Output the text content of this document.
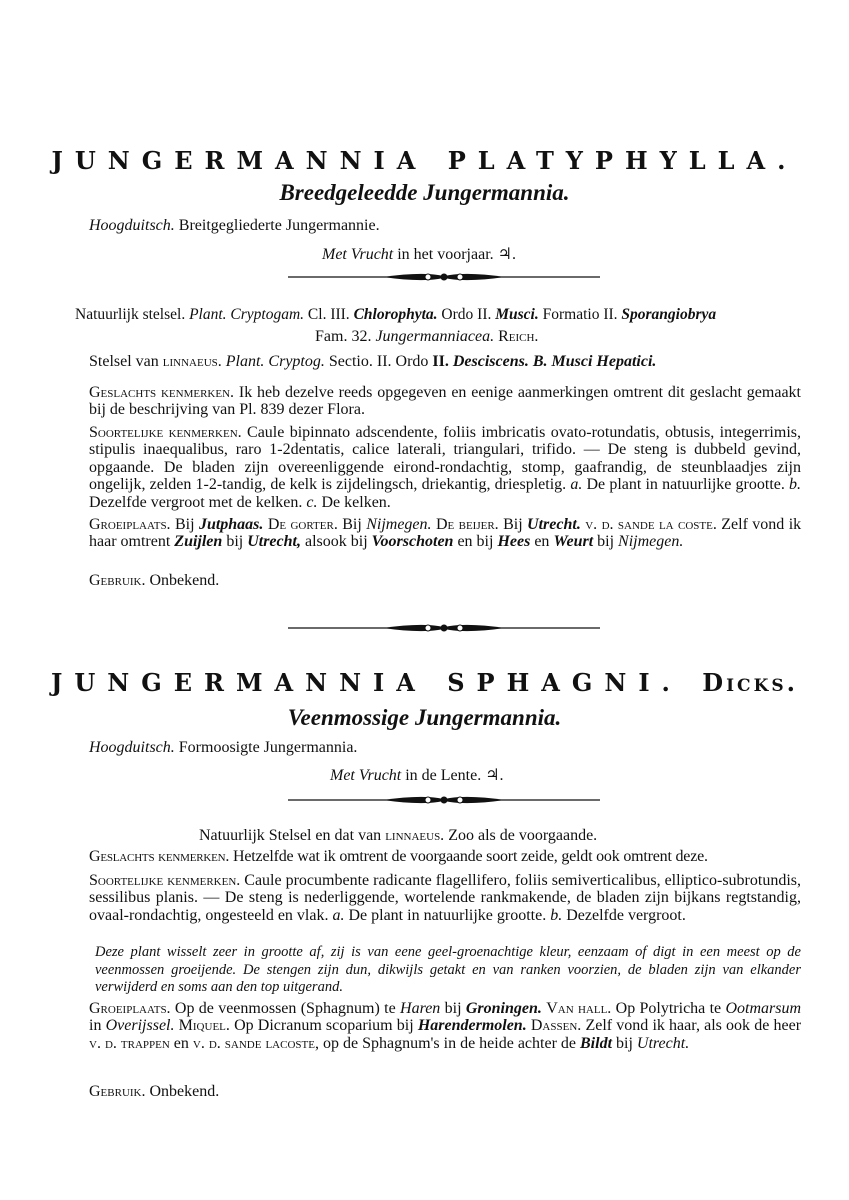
JUNGERMANNIA PLATYPHYLLA.
Breedgeleedde Jungermannia.
Hoogduitsch. Breitgegliederte Jungermannie.
Met Vrucht in het voorjaar. ♃.
Natuurlijk stelsel. Plant. Cryptogam. Cl. III. Chlorophyta. Ordo II. Musci. Formatio II. Sporangiobrya
Fam. 32. Jungermanniacea. Reich.
Stelsel van linnaeus. Plant. Cryptog. Sectio. II. Ordo II. Desciscens. B. Musci Hepatici.
Geslachts kenmerken. Ik heb dezelve reeds opgegeven en eenige aanmerkingen omtrent dit geslacht gemaakt bij de beschrijving van Pl. 839 dezer Flora.
Soortelijke kenmerken. Caule bipinnato adscendente, foliis imbricatis ovato-rotundatis, obtusis, integerrimis, stipulis inaequalibus, raro 1-2dentatis, calice laterali, triangulari, trifido. — De steng is dubbeld gevind, opgaande. De bladen zijn overeenliggende eirond-rondachtig, stomp, gaafrandig, de steunblaadjes zijn ongelijk, zelden 1-2-tandig, de kelk is zijdelingsch, driekantig, driespletig. a. De plant in natuurlijke grootte. b. Dezelfde vergroot met de kelken. c. De kelken.
Groeiplaats. Bij Jutphaas. De gorter. Bij Nijmegen. De beijer. Bij Utrecht. v. d. sande la coste. Zelf vond ik haar omtrent Zuijlen bij Utrecht, alsook bij Voorschoten en bij Hees en Weurt bij Nijmegen.
Gebruik. Onbekend.
JUNGERMANNIA SPHAGNI. Dicks.
Veenmossige Jungermannia.
Hoogduitsch. Formoosigte Jungermannia.
Met Vrucht in de Lente. ♃.
Natuurlijk Stelsel en dat van linnaeus. Zoo als de voorgaande.
Geslachts kenmerken. Hetzelfde wat ik omtrent de voorgaande soort zeide, geldt ook omtrent deze.
Soortelijke kenmerken. Caule procumbente radicante flagellifero, foliis semiverticalibus, elliptico-subrotundis, sessilibus planis. — De steng is nederliggende, wortelende rankmakende, de bladen zijn bijkans regtstandig, ovaal-rondachtig, ongesteeld en vlak. a. De plant in natuurlijke grootte. b. Dezelfde vergroot.
Deze plant wisselt zeer in grootte af, zij is van eene geel-groenachtige kleur, eenzaam of digt in een meest op de veenmossen groeijende. De stengen zijn dun, dikwijls getakt en van ranken voorzien, de bladen zijn van elkander verwijderd en soms aan den top uitgerand.
Groeiplaats. Op de veenmossen (Sphagnum) te Haren bij Groningen. Van hall. Op Polytricha te Ootmarsum in Overijssel. Miquel. Op Dicranum scoparium bij Harendermolen. Dassen. Zelf vond ik haar, als ook de heer v. d. trappen en v. d. sande lacoste, op de Sphagnum's in de heide achter de Bildt bij Utrecht.
Gebruik. Onbekend.
